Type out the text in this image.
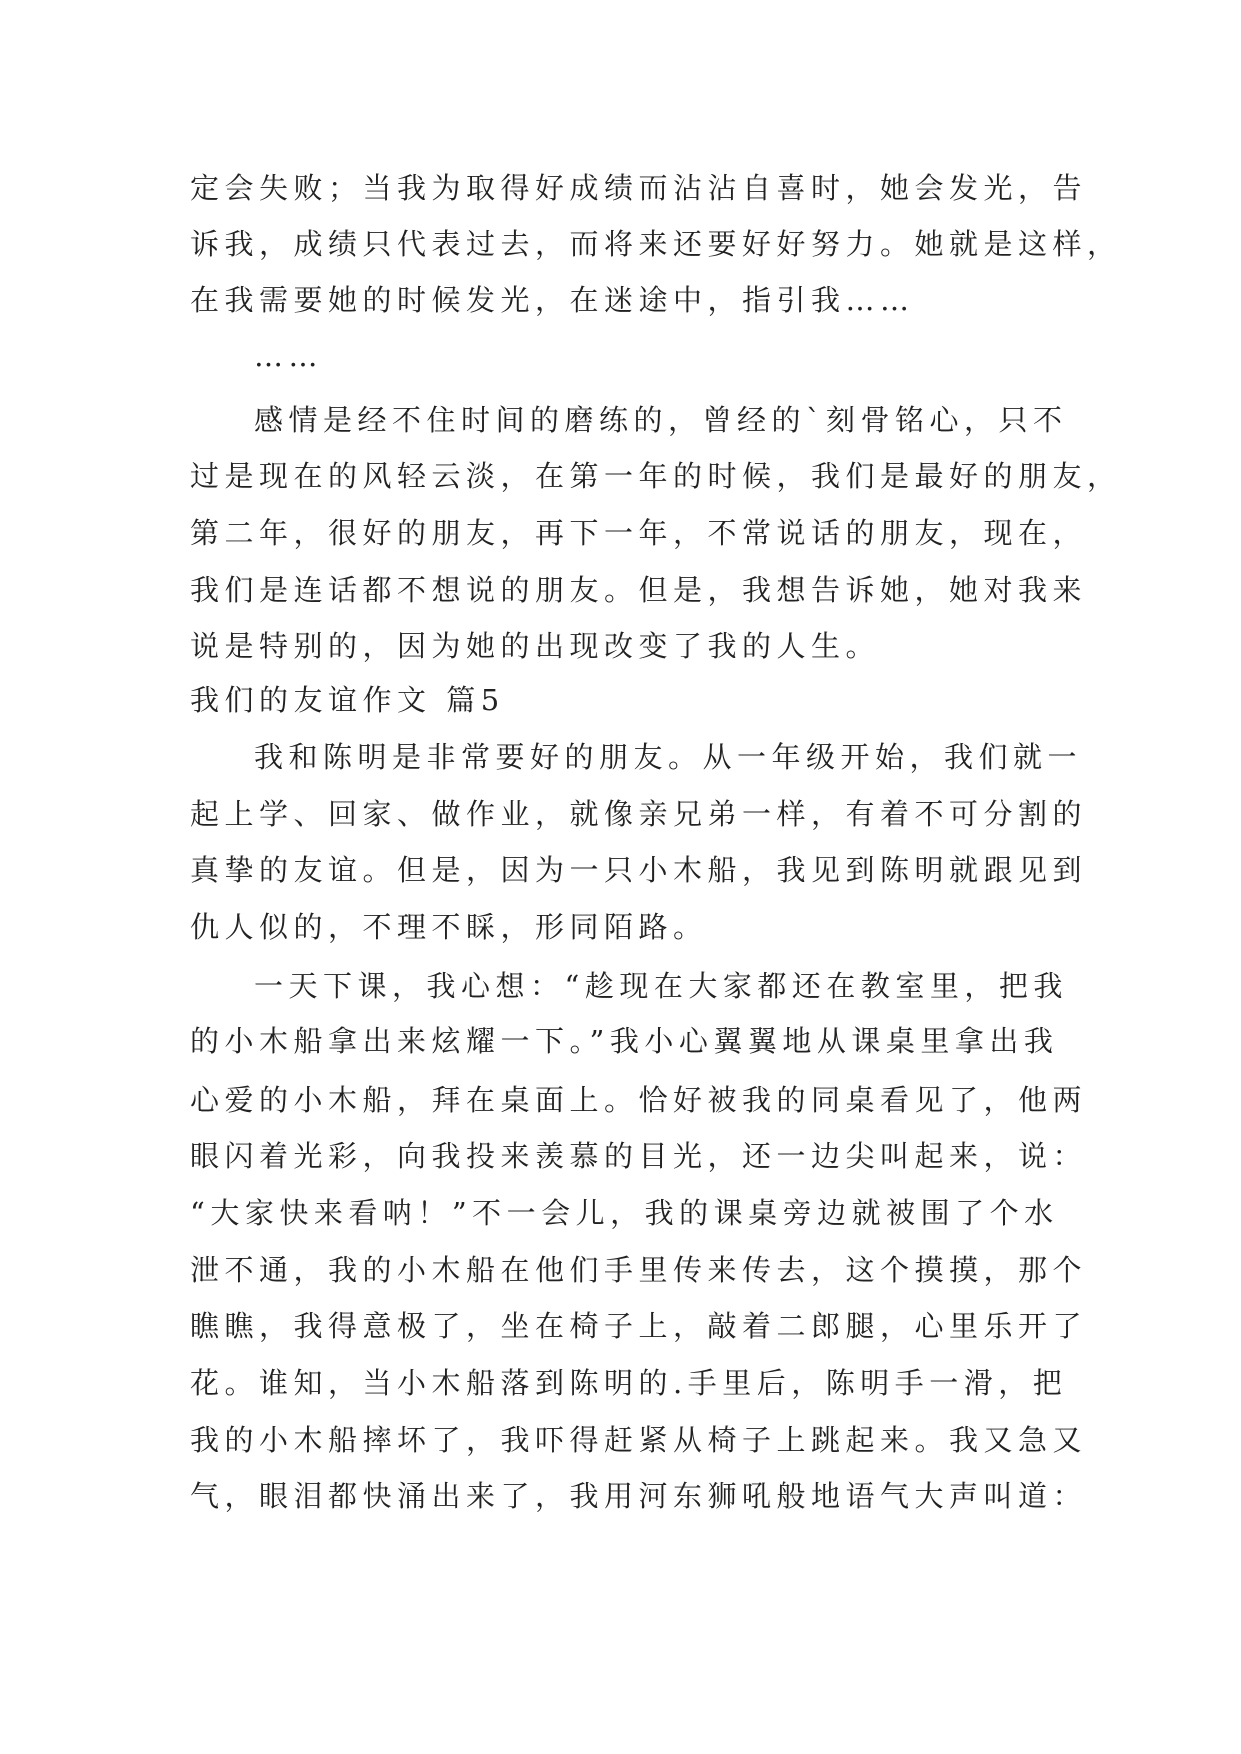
定会失败；当我为取得好成绩而沾沾自喜时，她会发光，告
诉我，成绩只代表过去，而将来还要好好努力。她就是这样，
在我需要她的时候发光，在迷途中，指引我……
……
感情是经不住时间的磨练的，曾经的`刻骨铭心，只不
过是现在的风轻云淡，在第一年的时候，我们是最好的朋友，
第二年，很好的朋友，再下一年，不常说话的朋友，现在，
我们是连话都不想说的朋友。但是，我想告诉她，她对我来
说是特别的，因为她的出现改变了我的人生。
我们的友谊作文 篇5
我和陈明是非常要好的朋友。从一年级开始，我们就一
起上学、回家、做作业，就像亲兄弟一样，有着不可分割的
真挚的友谊。但是，因为一只小木船，我见到陈明就跟见到
仇人似的，不理不睬，形同陌路。
一天下课，我心想：“趁现在大家都还在教室里，把我
的小木船拿出来炫耀一下。”我小心翼翼地从课桌里拿出我
心爱的小木船，拜在桌面上。恰好被我的同桌看见了，他两
眼闪着光彩，向我投来羡慕的目光，还一边尖叫起来，说：
“大家快来看呐！”不一会儿，我的课桌旁边就被围了个水
泄不通，我的小木船在他们手里传来传去，这个摸摸，那个
瞧瞧，我得意极了，坐在椅子上，敲着二郎腿，心里乐开了
花。谁知，当小木船落到陈明的.手里后，陈明手一滑，把
我的小木船摔坏了，我吓得赶紧从椅子上跳起来。我又急又
气，眼泪都快涌出来了，我用河东狮吼般地语气大声叫道：
